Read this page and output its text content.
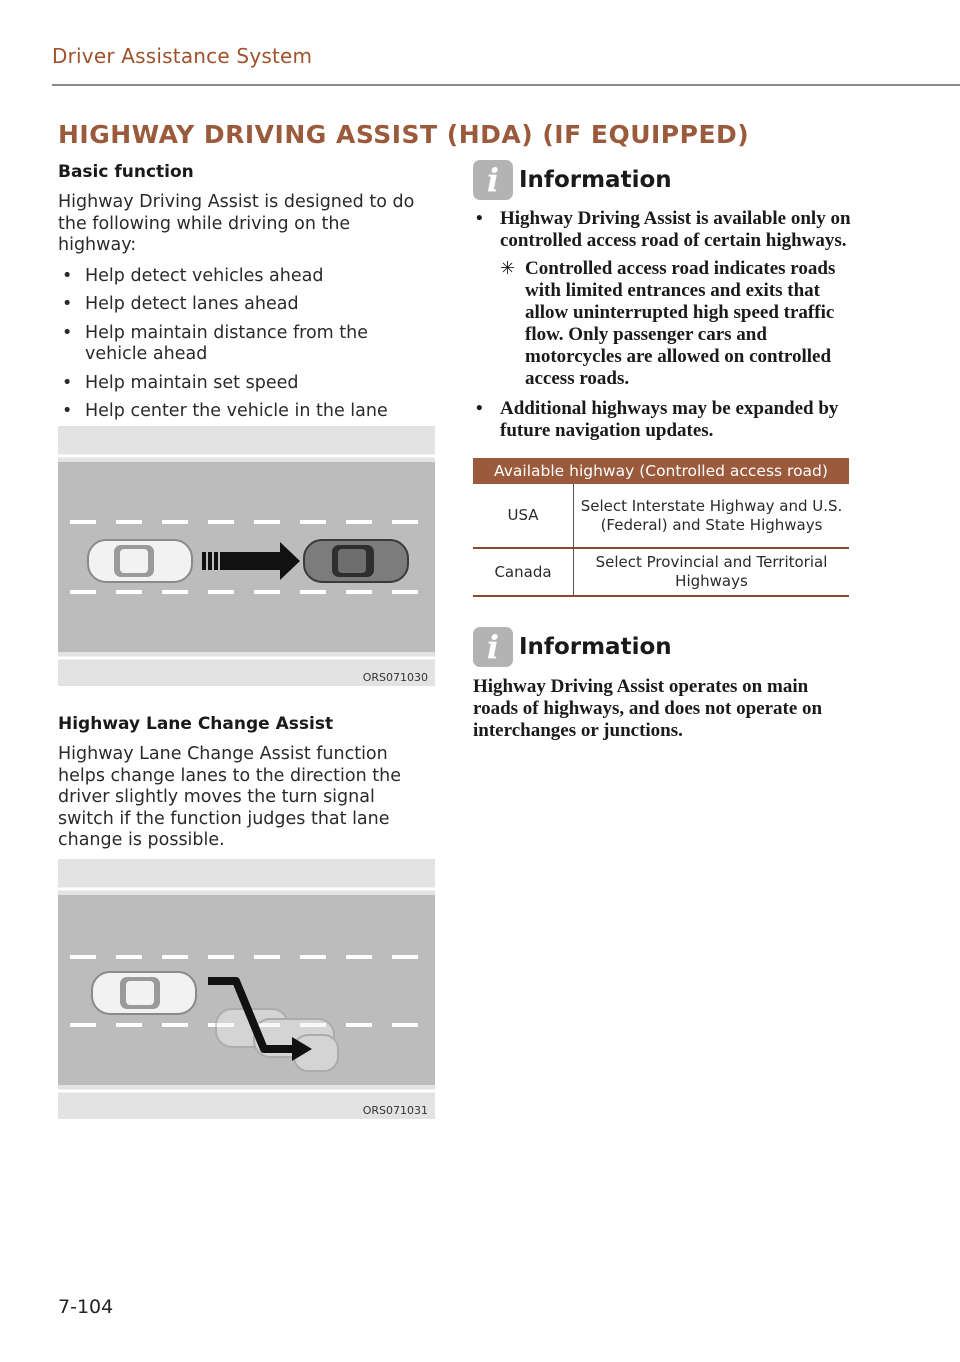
Driver Assistance System
HIGHWAY DRIVING ASSIST (HDA) (IF EQUIPPED)
Basic function
Highway Driving Assist is designed to do the following while driving on the highway:
• Help detect vehicles ahead
• Help detect lanes ahead
• Help maintain distance from the vehicle ahead
• Help maintain set speed
• Help center the vehicle in the lane
ORS071030
Highway Lane Change Assist
Highway Lane Change Assist function helps change lanes to the direction the driver slightly moves the turn signal switch if the function judges that lane change is possible.
ORS071031
i Information
• Highway Driving Assist is available only on controlled access road of certain highways.
✳ Controlled access road indicates roads with limited entrances and exits that allow uninterrupted high speed traffic flow. Only passenger cars and motorcycles are allowed on controlled access roads.
• Additional highways may be expanded by future navigation updates.
Available highway (Controlled access road)	
USA	Select Interstate Highway and U.S. (Federal) and State Highways
Canada	Select Provincial and Territorial Highways
i Information
Highway Driving Assist operates on main roads of highways, and does not operate on interchanges or junctions.
7-104
